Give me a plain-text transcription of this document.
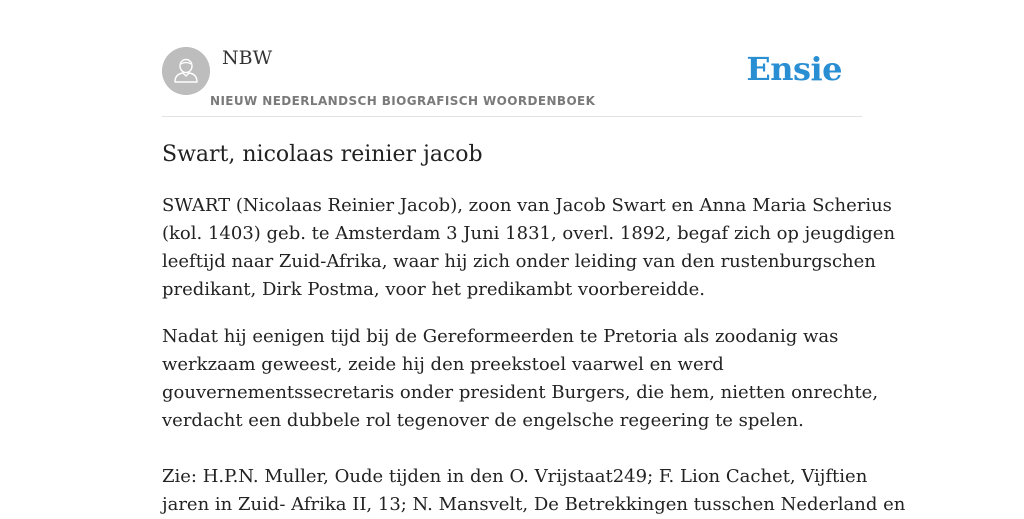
NBW
NIEUW NEDERLANDSCH BIOGRAFISCH WOORDENBOEK
Ensie
Swart, nicolaas reinier jacob

SWART (Nicolaas Reinier Jacob), zoon van Jacob Swart en Anna Maria Scherius
(kol. 1403) geb. te Amsterdam 3 Juni 1831, overl. 1892, begaf zich op jeugdigen
leeftijd naar Zuid-Afrika, waar hij zich onder leiding van den rustenburgschen
predikant, Dirk Postma, voor het predikambt voorbereidde.

Nadat hij eenigen tijd bij de Gereformeerden te Pretoria als zoodanig was
werkzaam geweest, zeide hij den preekstoel vaarwel en werd
gouvernementssecretaris onder president Burgers, die hem, nietten onrechte,
verdacht een dubbele rol tegenover de engelsche regeering te spelen.

Zie: H.P.N. Muller, Oude tijden in den O. Vrijstaat249; F. Lion Cachet, Vijftien
jaren in Zuid- Afrika II, 13; N. Mansvelt, De Betrekkingen tusschen Nederland en
